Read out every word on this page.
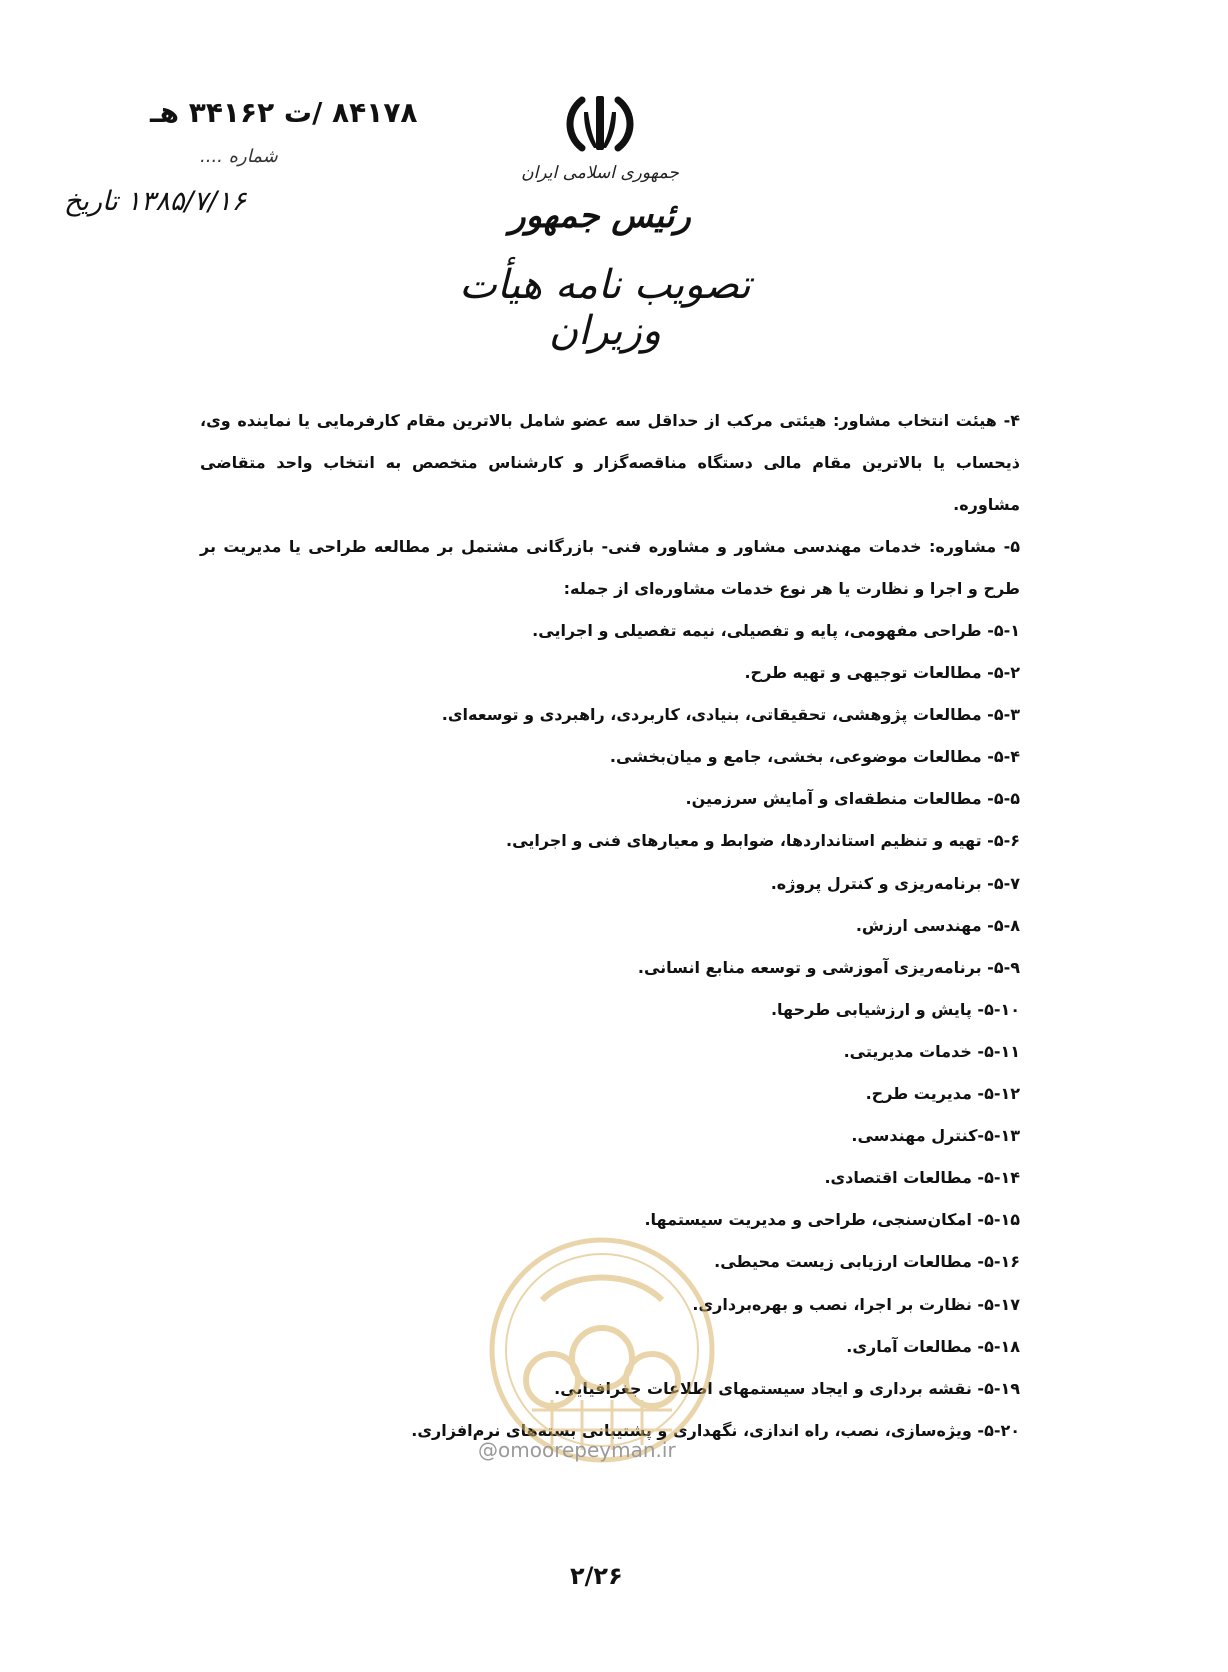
جمهوری اسلامی ایران
رئیس جمهور
تصویب نامه هیأت وزیران
۸۴۱۷۸ /ت ۳۴۱۶۲ هـ
شماره ....
۱۳۸۵/۷/۱۶ تاریخ

۴- هیئت انتخاب مشاور: هیئتی مرکب از حداقل سه عضو شامل بالاترین مقام کارفرمایی یا نماینده وی، ذیحساب یا بالاترین مقام مالی دستگاه مناقصه‌گزار و کارشناس متخصص به انتخاب واحد متقاضی مشاوره.

۵- مشاوره: خدمات مهندسی مشاور و مشاوره فنی- بازرگانی مشتمل بر مطالعه طراحی یا مدیریت بر طرح و اجرا و نظارت یا هر نوع خدمات مشاوره‌ای از جمله:

۵-۱- طراحی مفهومی، پایه و تفصیلی، نیمه تفصیلی و اجرایی.

۵-۲- مطالعات توجیهی و تهیه طرح.

۵-۳- مطالعات پژوهشی، تحقیقاتی، بنیادی، کاربردی، راهبردی و توسعه‌ای.

۵-۴- مطالعات موضوعی، بخشی، جامع و میان‌بخشی.

۵-۵- مطالعات منطقه‌ای و آمایش سرزمین.

۵-۶- تهیه و تنظیم استانداردها، ضوابط و معیارهای فنی و اجرایی.

۵-۷- برنامه‌ریزی و کنترل پروژه.

۵-۸- مهندسی ارزش.

۵-۹- برنامه‌ریزی آموزشی و توسعه منابع انسانی.

۵-۱۰- پایش و ارزشیابی طرحها.

۵-۱۱- خدمات مدیریتی.

۵-۱۲- مدیریت طرح.

۵-۱۳-کنترل مهندسی.

۵-۱۴- مطالعات اقتصادی.

۵-۱۵- امکان‌سنجی، طراحی و مدیریت سیستمها.

۵-۱۶- مطالعات ارزیابی زیست محیطی.

۵-۱۷- نظارت بر اجرا، نصب و بهره‌برداری.

۵-۱۸- مطالعات آماری.

۵-۱۹- نقشه برداری و ایجاد سیستمهای اطلاعات جغرافیایی.

۵-۲۰- ویژه‌سازی، نصب، راه اندازی، نگهداری و پشتیبانی بسته‌های نرم‌افزاری.

@omoorepeyman.ir
۲/۲۶
